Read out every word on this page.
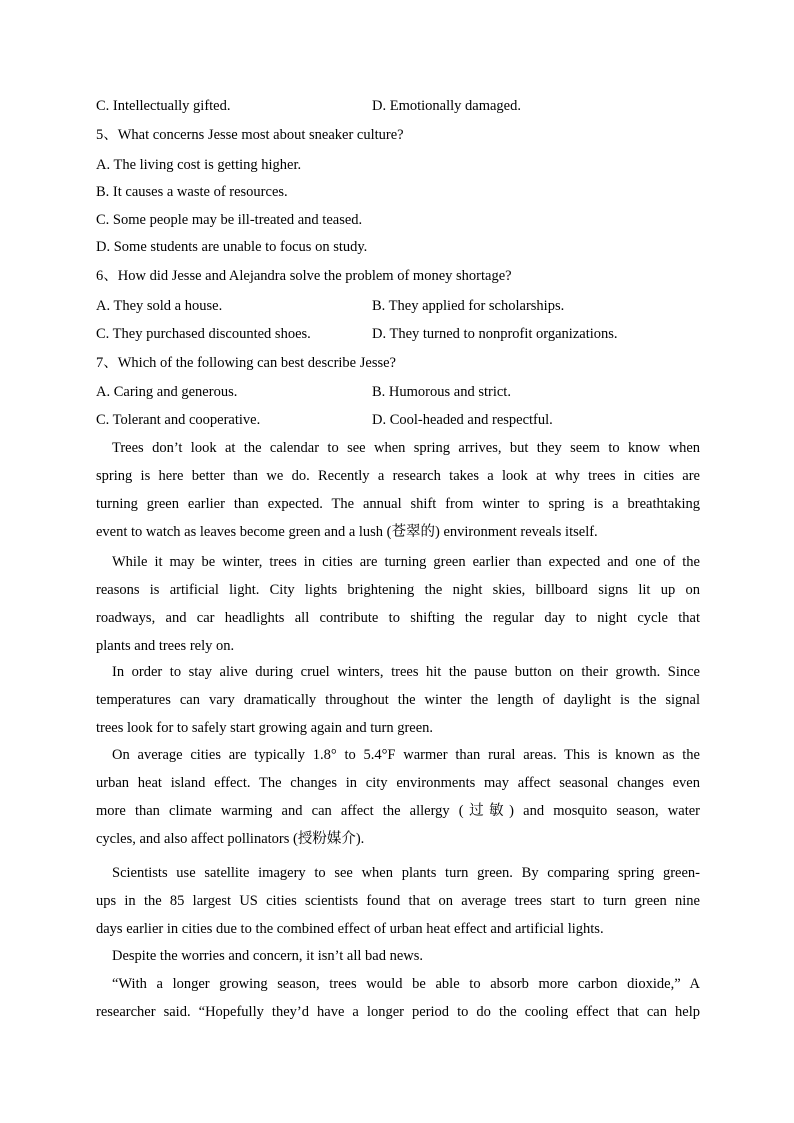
C. Intellectually gifted.	D. Emotionally damaged.
5、What concerns Jesse most about sneaker culture?
A. The living cost is getting higher.
B. It causes a waste of resources.
C. Some people may be ill-treated and teased.
D. Some students are unable to focus on study.
6、How did Jesse and Alejandra solve the problem of money shortage?
A. They sold a house.	B. They applied for scholarships.
C. They purchased discounted shoes.	D. They turned to nonprofit organizations.
7、Which of the following can best describe Jesse?
A. Caring and generous.	B. Humorous and strict.
C. Tolerant and cooperative.	D. Cool-headed and respectful.

Trees don’t look at the calendar to see when spring arrives, but they seem to know when

spring is here better than we do. Recently a research takes a look at why trees in cities are

turning green earlier than expected. The annual shift from winter to spring is a breathtaking

event to watch as leaves become green and a lush (苍翠的) environment reveals itself.

While it may be winter, trees in cities are turning green earlier than expected and one of the

reasons is artificial light. City lights brightening the night skies, billboard signs lit up on

roadways, and car headlights all contribute to shifting the regular day to night cycle that

plants and trees rely on.

In order to stay alive during cruel winters, trees hit the pause button on their growth. Since

temperatures can vary dramatically throughout the winter the length of daylight is the signal

trees look for to safely start growing again and turn green.

On average cities are typically 1.8° to 5.4°F warmer than rural areas. This is known as the

urban heat island effect. The changes in city environments may affect seasonal changes even

more than climate warming and can affect the allergy (过敏) and mosquito season, water

cycles, and also affect pollinators (授粉媒介).

Scientists use satellite imagery to see when plants turn green. By comparing spring green-

ups in the 85 largest US cities scientists found that on average trees start to turn green nine

days earlier in cities due to the combined effect of urban heat effect and artificial lights.

Despite the worries and concern, it isn’t all bad news.

“With a longer growing season, trees would be able to absorb more carbon dioxide,” A

researcher said. “Hopefully they’d have a longer period to do the cooling effect that can help
